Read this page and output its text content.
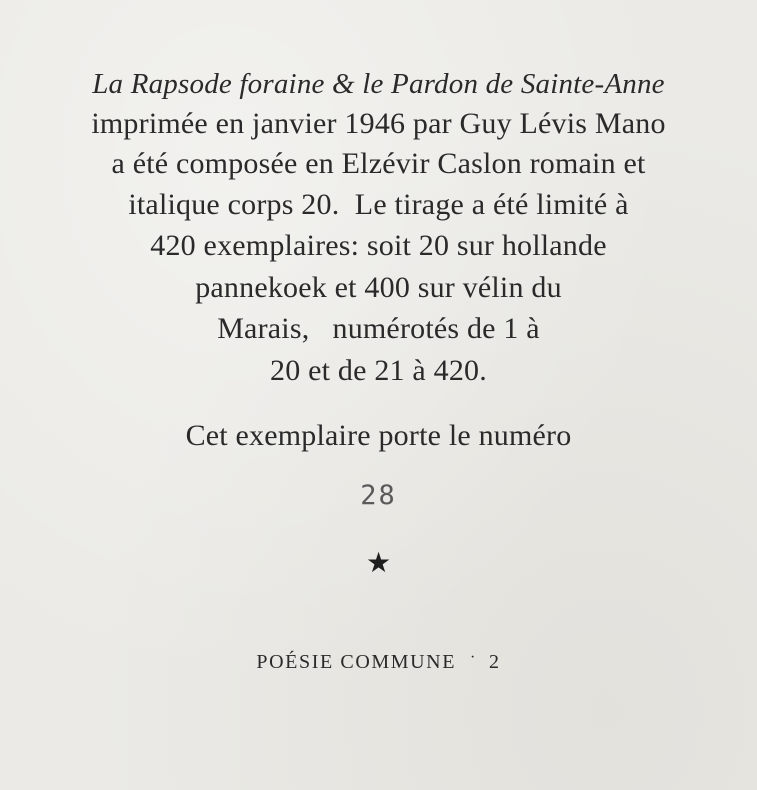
La Rapsode foraine & le Pardon de Sainte-Anne
imprimée en janvier 1946 par Guy Lévis Mano
a été composée en Elzévir Caslon romain et
italique corps 20.  Le tirage a été limité à
420 exemplaires: soit 20 sur hollande
pannekoek et 400 sur vélin du
Marais,   numérotés de 1 à
20 et de 21 à 420.
Cet exemplaire porte le numéro
28
★
POÉSIE COMMUNE · 2
